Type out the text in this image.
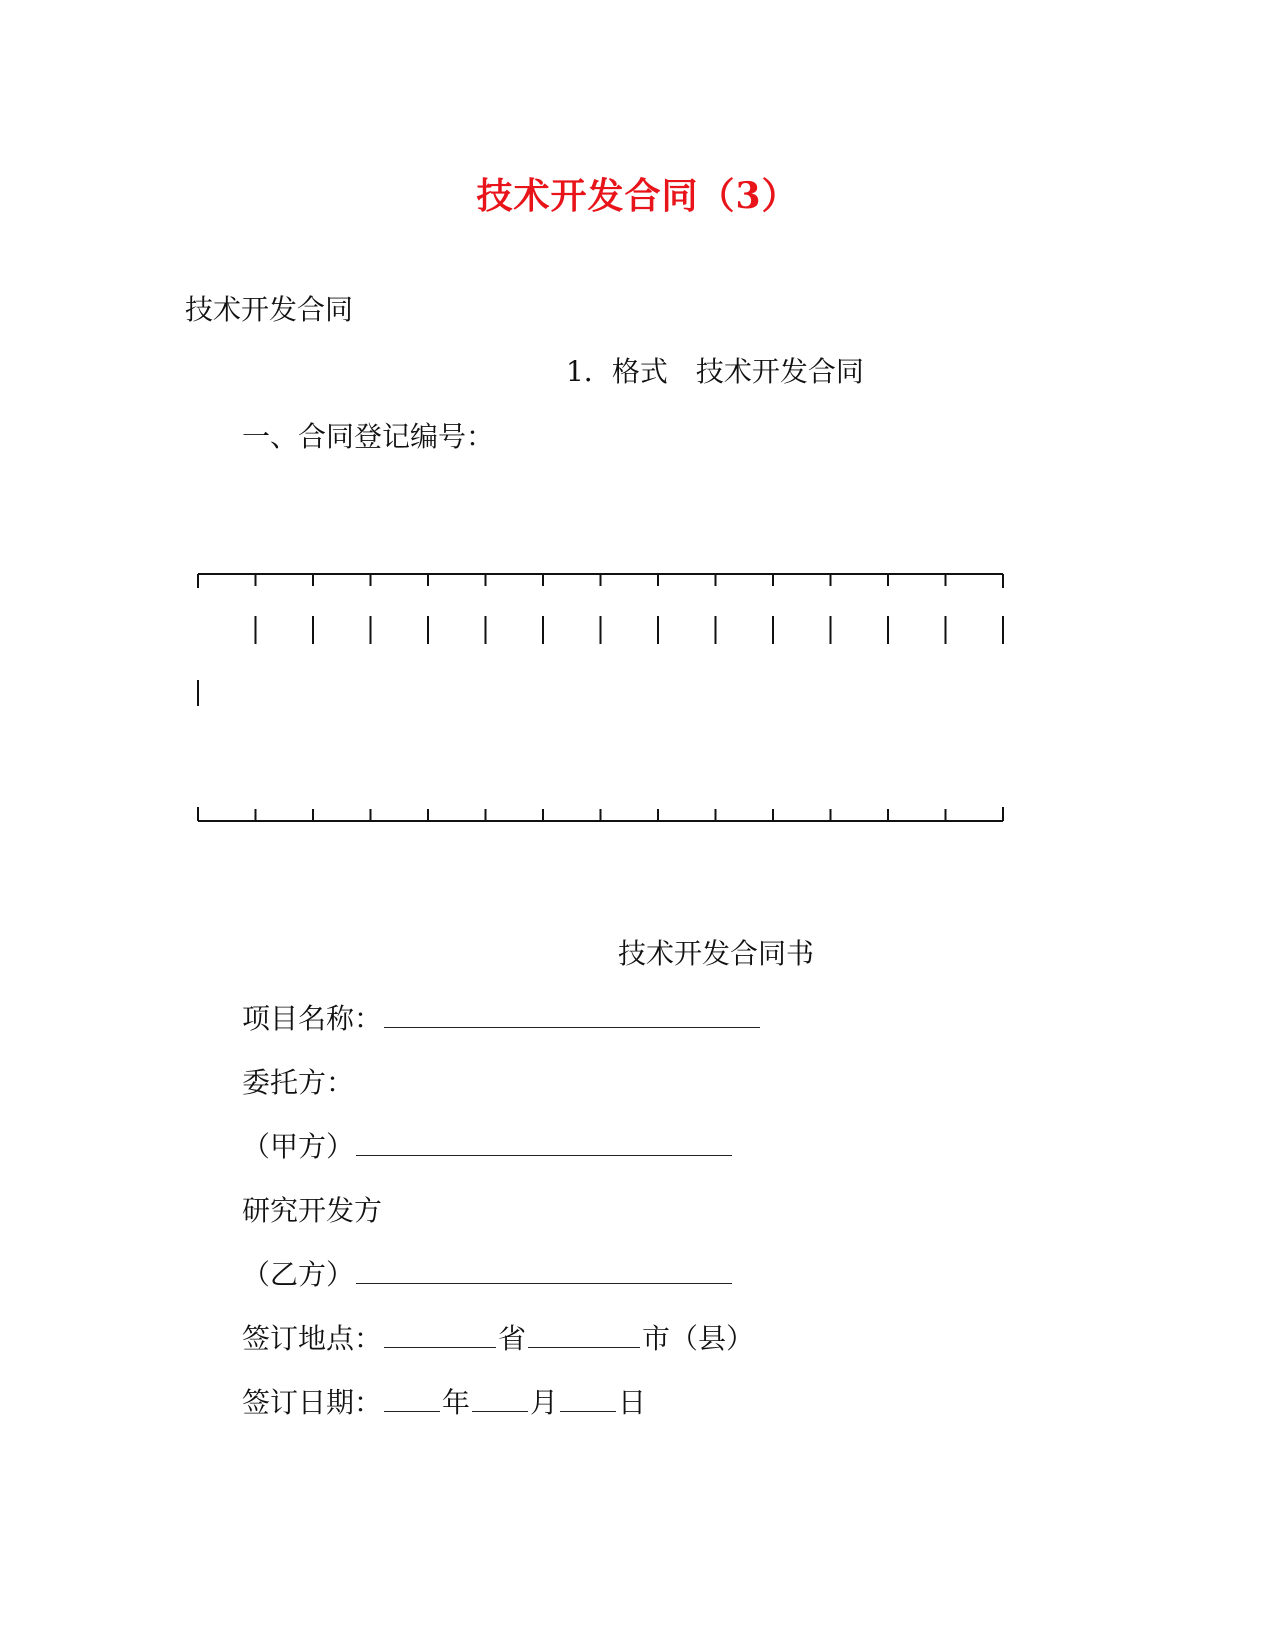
技术开发合同（3）
技术开发合同
1．格式　技术开发合同
一、合同登记编号：
技术开发合同书
项目名称：
委托方：
（甲方）
研究开发方
（乙方）
签订地点：	省	市（县）
签订日期： 年 月 日
